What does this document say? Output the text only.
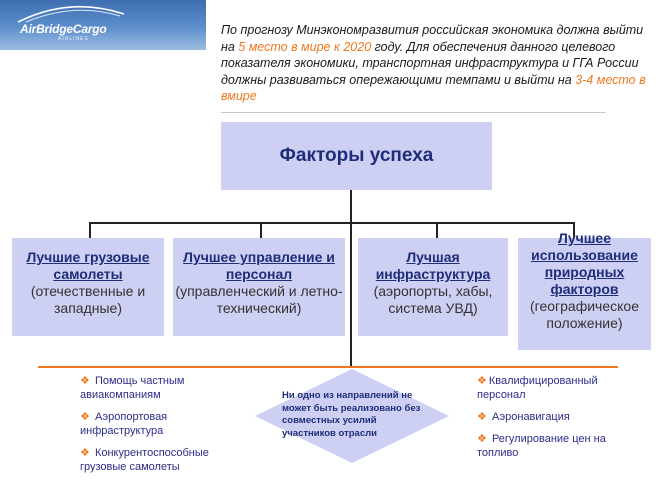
AirBridgeCargo
AIRLINES
По прогнозу Минэкономразвития российская экономика должна выйти на 5 место в мире к 2020 году. Для обеспечения данного целевого показателя экономики, транспортная инфраструктура и ГГА России должны развиваться опережающими темпами и выйти на 3-4 место в вмире
Факторы успеха
Лучшие грузовые самолеты
(отечественные и западные)
Лучшее управление и персонал
(управленческий и летно-технический)
Лучшая инфраструктура
(аэропорты, хабы, система УВД)
Лучшее использование природных факторов
(географическое положение)
❖ Помощь частным авиакомпаниям
❖ Аэропортовая инфраструктура
❖ Конкурентоспособные грузовые самолеты
Ни одно из направлений не может быть реализовано без совместных усилий участников отрасли
❖ Квалифицированный персонал
❖ Аэронавигация
❖ Регулирование цен на топливо
